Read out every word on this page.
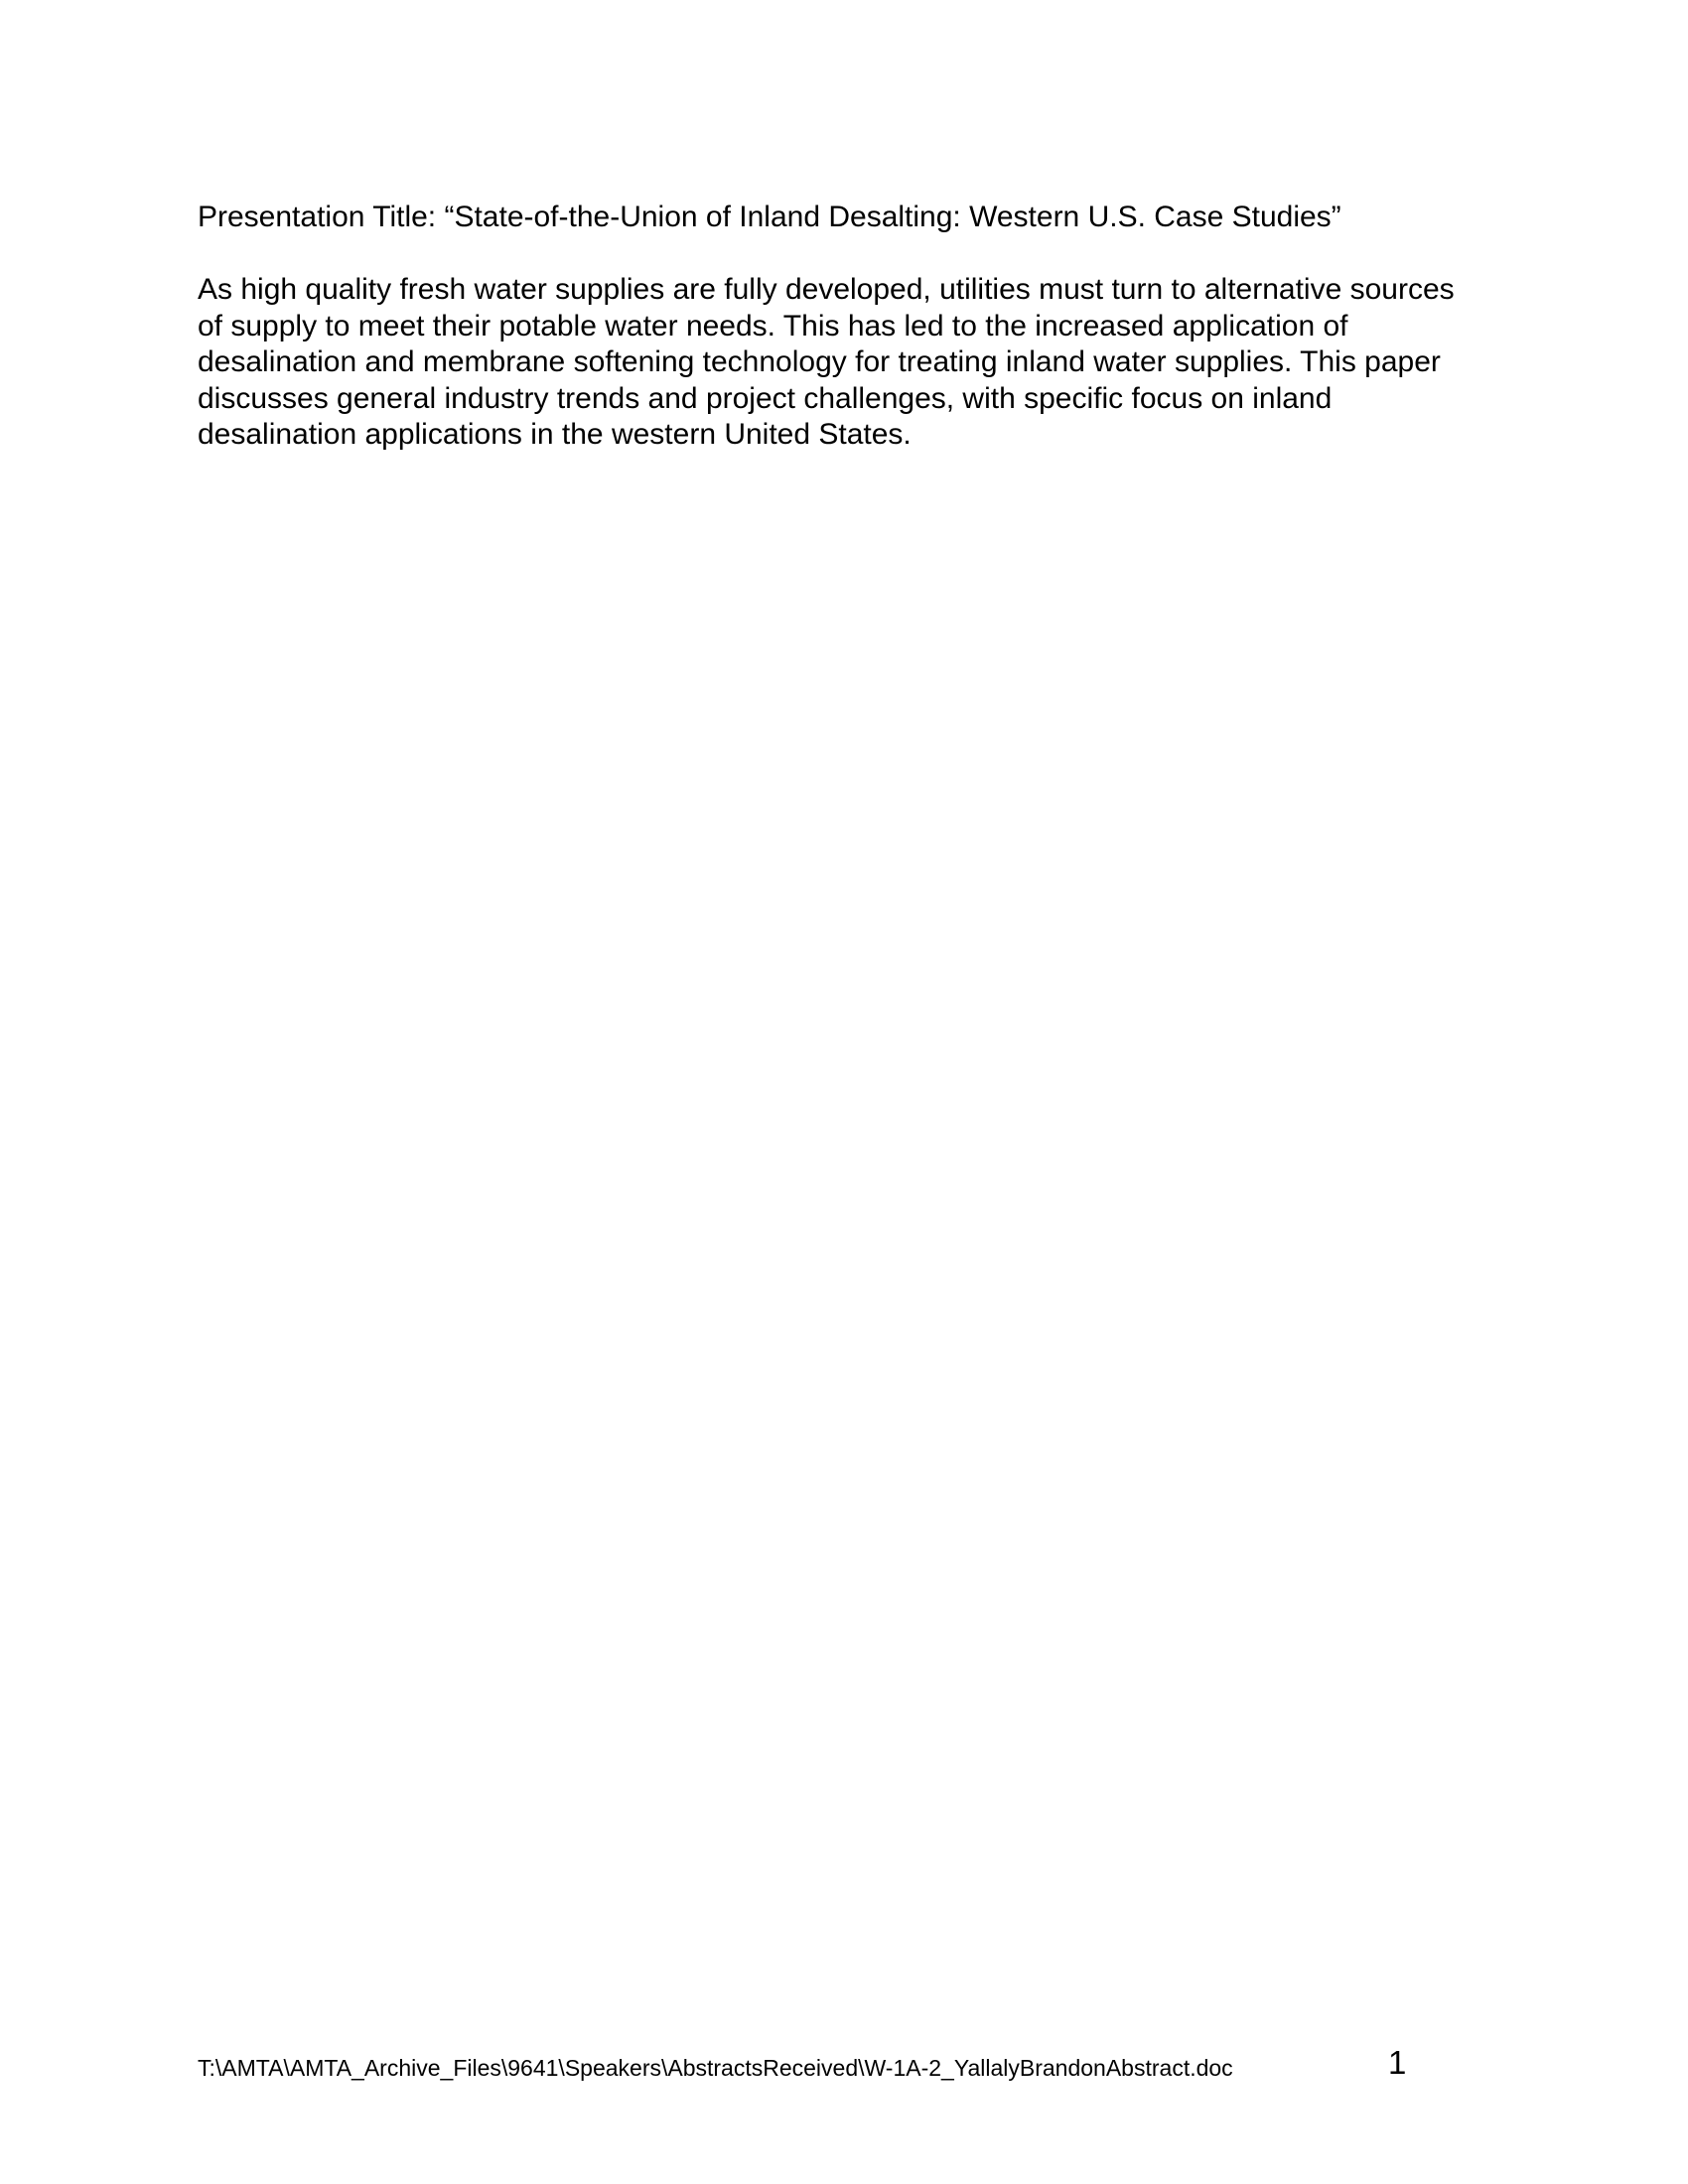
Presentation Title: “State-of-the-Union of Inland Desalting: Western U.S. Case Studies”
As high quality fresh water supplies are fully developed, utilities must turn to alternative sources
of supply to meet their potable water needs. This has led to the increased application of
desalination and membrane softening technology for treating inland water supplies. This paper
discusses general industry trends and project challenges, with specific focus on inland
desalination applications in the western United States.
T:\AMTA\AMTA_Archive_Files\9641\Speakers\AbstractsReceived\W-1A-2_YallalyBrandonAbstract.doc	1
